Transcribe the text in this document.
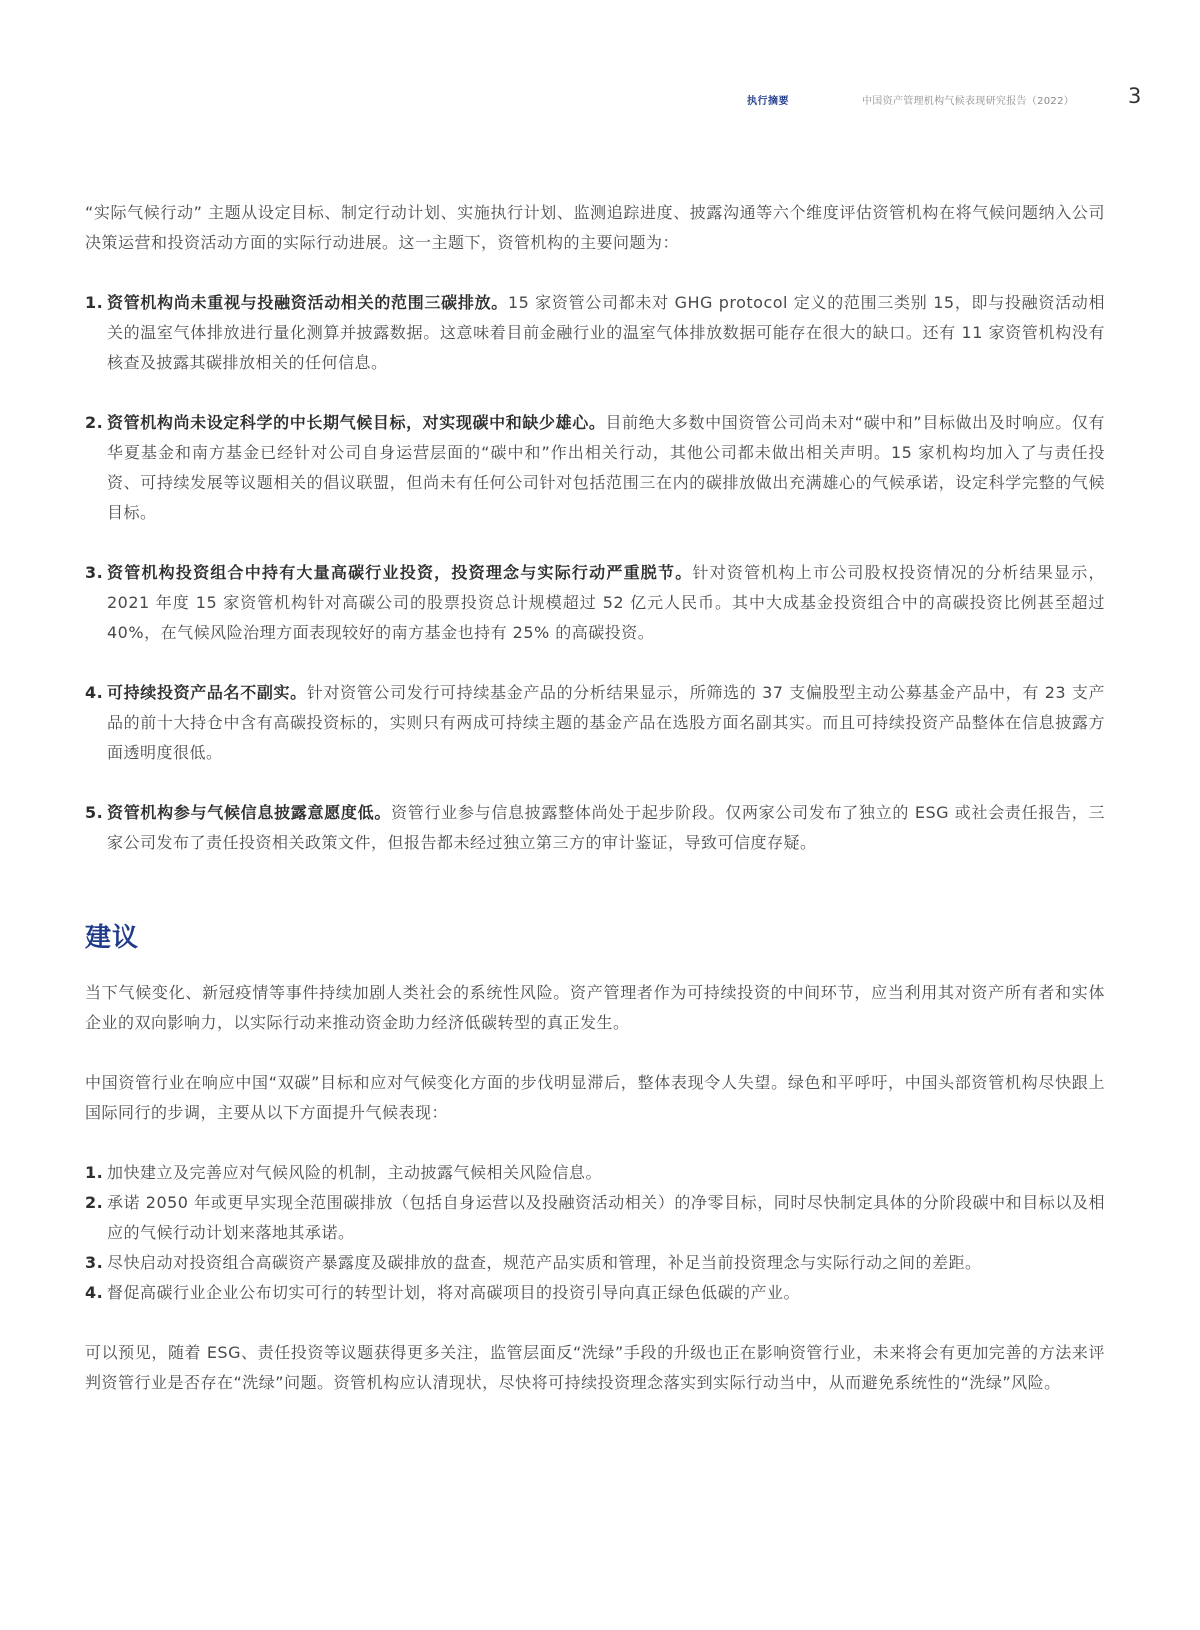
执行摘要	中国资产管理机构气候表现研究报告（2022）	3

“实际气候行动” 主题从设定目标、制定行动计划、实施执行计划、监测追踪进度、披露沟通等六个维度评估资管机构在将气候问题纳入公司决策运营和投资活动方面的实际行动进展。这一主题下，资管机构的主要问题为：

1. 资管机构尚未重视与投融资活动相关的范围三碳排放。15 家资管公司都未对 GHG protocol 定义的范围三类别 15，即与投融资活动相关的温室气体排放进行量化测算并披露数据。这意味着目前金融行业的温室气体排放数据可能存在很大的缺口。还有 11 家资管机构没有核查及披露其碳排放相关的任何信息。
2. 资管机构尚未设定科学的中长期气候目标，对实现碳中和缺少雄心。目前绝大多数中国资管公司尚未对“碳中和”目标做出及时响应。仅有华夏基金和南方基金已经针对公司自身运营层面的“碳中和”作出相关行动，其他公司都未做出相关声明。15 家机构均加入了与责任投资、可持续发展等议题相关的倡议联盟，但尚未有任何公司针对包括范围三在内的碳排放做出充满雄心的气候承诺，设定科学完整的气候目标。
3. 资管机构投资组合中持有大量高碳行业投资，投资理念与实际行动严重脱节。针对资管机构上市公司股权投资情况的分析结果显示，2021 年度 15 家资管机构针对高碳公司的股票投资总计规模超过 52 亿元人民币。其中大成基金投资组合中的高碳投资比例甚至超过 40%，在气候风险治理方面表现较好的南方基金也持有 25% 的高碳投资。
4. 可持续投资产品名不副实。针对资管公司发行可持续基金产品的分析结果显示，所筛选的 37 支偏股型主动公募基金产品中，有 23 支产品的前十大持仓中含有高碳投资标的，实则只有两成可持续主题的基金产品在选股方面名副其实。而且可持续投资产品整体在信息披露方面透明度很低。
5. 资管机构参与气候信息披露意愿度低。资管行业参与信息披露整体尚处于起步阶段。仅两家公司发布了独立的 ESG 或社会责任报告，三家公司发布了责任投资相关政策文件，但报告都未经过独立第三方的审计鉴证，导致可信度存疑。
建议

当下气候变化、新冠疫情等事件持续加剧人类社会的系统性风险。资产管理者作为可持续投资的中间环节，应当利用其对资产所有者和实体企业的双向影响力，以实际行动来推动资金助力经济低碳转型的真正发生。

中国资管行业在响应中国“双碳”目标和应对气候变化方面的步伐明显滞后，整体表现令人失望。绿色和平呼吁，中国头部资管机构尽快跟上国际同行的步调，主要从以下方面提升气候表现：

1. 加快建立及完善应对气候风险的机制，主动披露气候相关风险信息。
2. 承诺 2050 年或更早实现全范围碳排放（包括自身运营以及投融资活动相关）的净零目标，同时尽快制定具体的分阶段碳中和目标以及相应的气候行动计划来落地其承诺。
3. 尽快启动对投资组合高碳资产暴露度及碳排放的盘查，规范产品实质和管理，补足当前投资理念与实际行动之间的差距。
4. 督促高碳行业企业公布切实可行的转型计划，将对高碳项目的投资引导向真正绿色低碳的产业。

可以预见，随着 ESG、责任投资等议题获得更多关注，监管层面反“洗绿”手段的升级也正在影响资管行业，未来将会有更加完善的方法来评判资管行业是否存在“洗绿”问题。资管机构应认清现状，尽快将可持续投资理念落实到实际行动当中，从而避免系统性的“洗绿”风险。
